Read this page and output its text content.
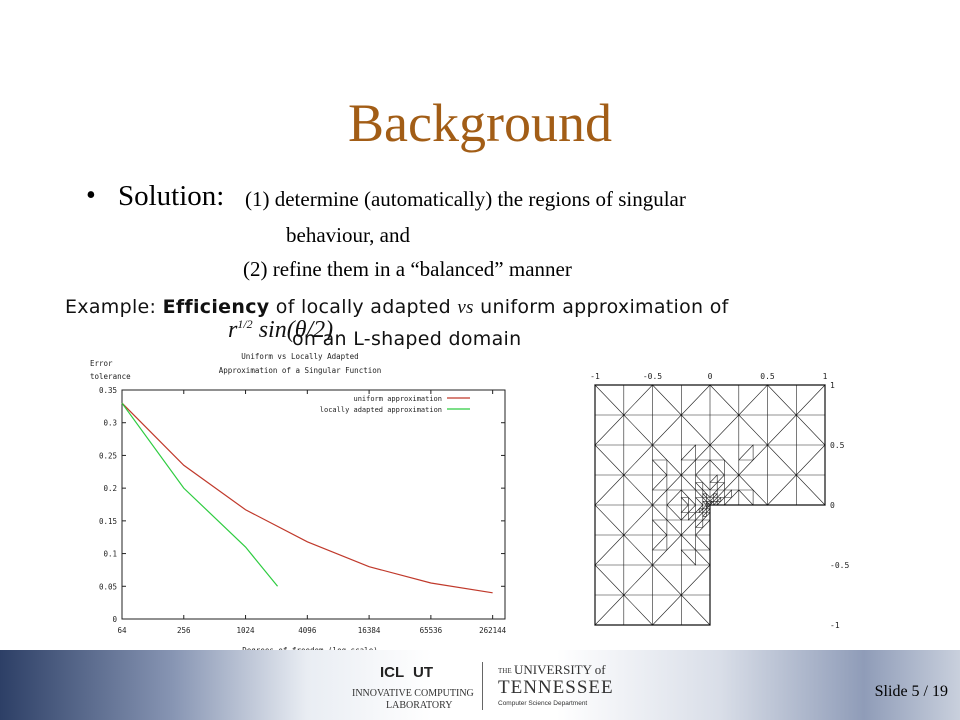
Background
• Solution: (1) determine (automatically) the regions of singular
behaviour, and
(2) refine them in a “balanced” manner
Example: Efficiency of locally adapted vs uniform approximation of
on an L-shaped domain
$r^{1/2}$ sin(θ/2)
Error
tolerance
Uniform vs Locally Adapted
Approximation of a Singular Function
0
0.05
0.1
0.15
0.2
0.25
0.3
0.35
64	256	1024	4096	16384	65536	262144
uniform approximation
locally adapted approximation
-1	-0.5	0	0.5	1
1
0.5
0
-0.5
-1
ICL UT
INNOVATIVE COMPUTING
LABORATORY
THE UNIVERSITY of
TENNESSEE
Computer Science Department
Slide 5 / 19
